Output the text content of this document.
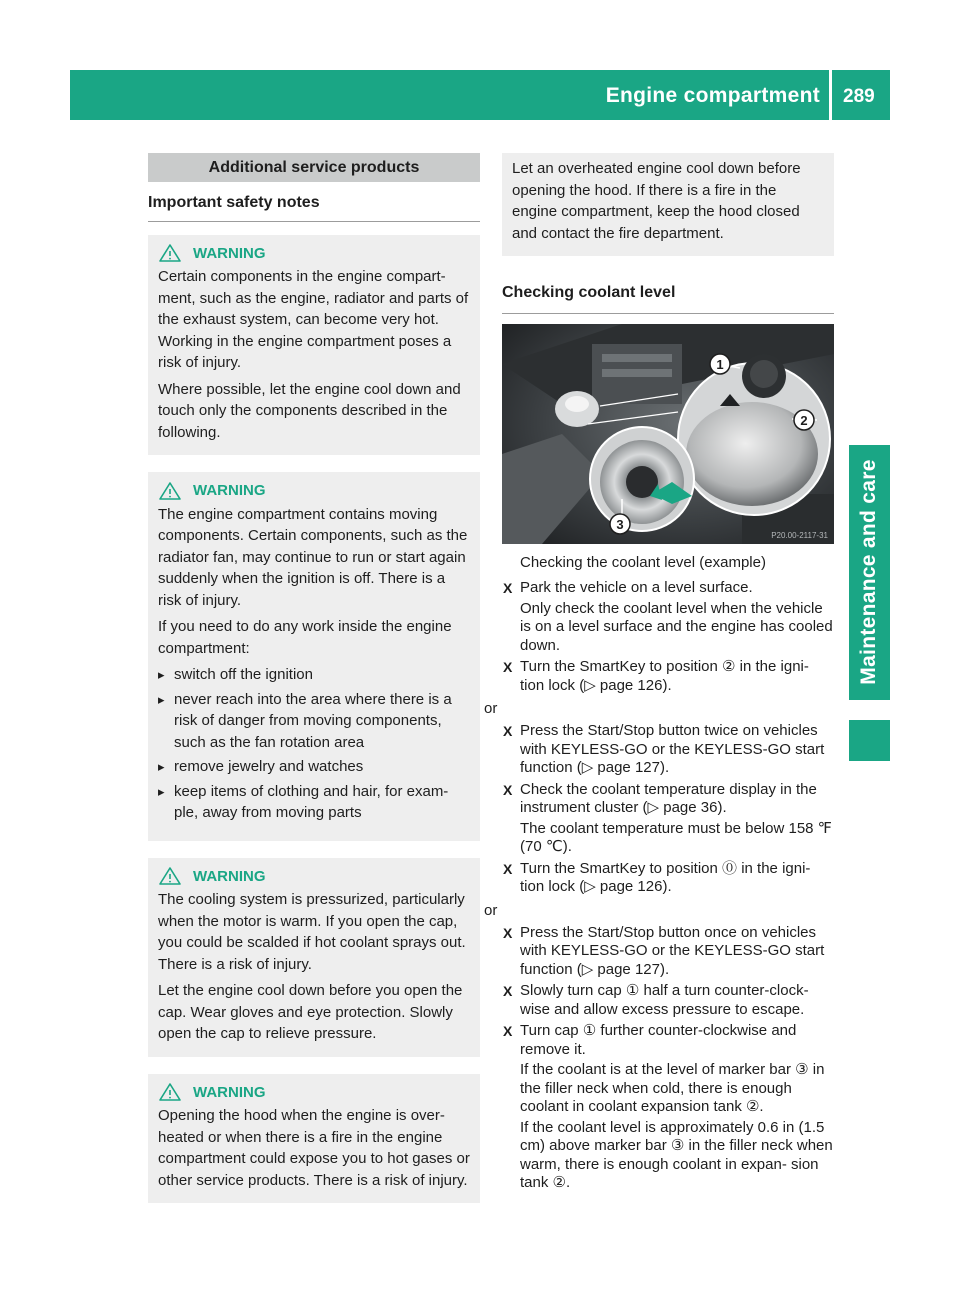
Engine compartment 289
Maintenance and care
Additional service products
Important safety notes
WARNING

Certain components in the engine compart- ment, such as the engine, radiator and parts of the exhaust system, can become very hot. Working in the engine compartment poses a risk of injury.

Where possible, let the engine cool down and touch only the components described in the following.

WARNING

The engine compartment contains moving components. Certain components, such as the radiator fan, may continue to run or start again suddenly when the ignition is off. There is a risk of injury.

If you need to do any work inside the engine compartment:

▸ switch off the ignition
▸ never reach into the area where there is a risk of danger from moving components, such as the fan rotation area
▸ remove jewelry and watches
▸ keep items of clothing and hair, for exam- ple, away from moving parts
WARNING

The cooling system is pressurized, particularly when the motor is warm. If you open the cap, you could be scalded if hot coolant sprays out. There is a risk of injury.

Let the engine cool down before you open the cap. Wear gloves and eye protection. Slowly open the cap to relieve pressure.

WARNING

Opening the hood when the engine is over- heated or when there is a fire in the engine compartment could expose you to hot gases or other service products. There is a risk of injury.

Let an overheated engine cool down before opening the hood. If there is a fire in the engine compartment, keep the hood closed and contact the fire department.

Checking coolant level
1
2
3
P20.00-2117-31
Checking the coolant level (example)

X Park the vehicle on a level surface.

Only check the coolant level when the vehicle is on a level surface and the engine has cooled down.

X Turn the SmartKey to position ② in the igni- tion lock (▷ page 126).

or

X Press the Start/Stop button twice on vehicles with KEYLESS-GO or the KEYLESS-GO start function (▷ page 127).

X Check the coolant temperature display in the instrument cluster (▷ page 36).

The coolant temperature must be below 158 ℉ (70 ℃).

X Turn the SmartKey to position ⓪ in the igni- tion lock (▷ page 126).

or

X Press the Start/Stop button once on vehicles with KEYLESS-GO or the KEYLESS-GO start function (▷ page 127).

X Slowly turn cap ① half a turn counter-clock- wise and allow excess pressure to escape.

X Turn cap ① further counter-clockwise and remove it.

If the coolant is at the level of marker bar ③ in the filler neck when cold, there is enough coolant in coolant expansion tank ②.

If the coolant level is approximately 0.6 in (1.5 cm) above marker bar ③ in the filler neck when warm, there is enough coolant in expan- sion tank ②.
